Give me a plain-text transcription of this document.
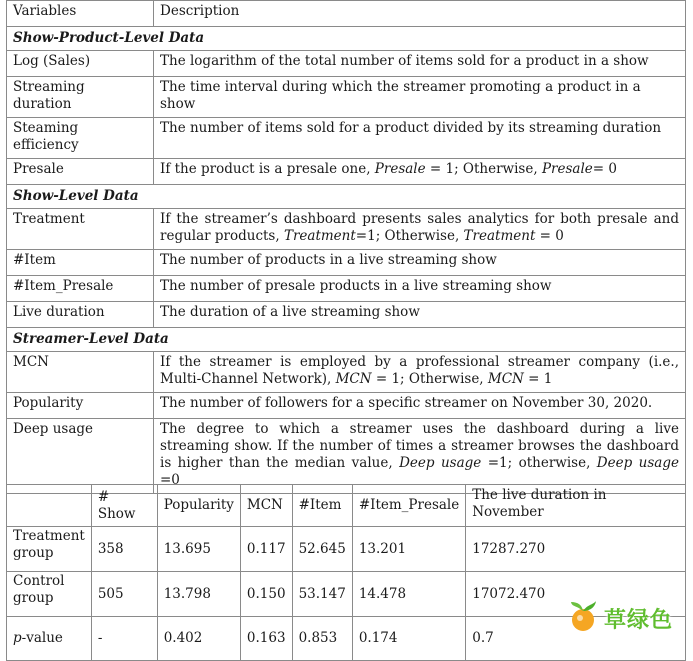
Variables	Description
Show-Product-Level Data	
Log (Sales)	The logarithm of the total number of items sold for a product in a show
Streaming duration	The time interval during which the streamer promoting a product in a show
Steaming efficiency	The number of items sold for a product divided by its streaming duration
Presale	If the product is a presale one, Presale = 1; Otherwise, Presale= 0
Show-Level Data	
Treatment	If the streamer’s dashboard presents sales analytics for both presale and regular products, Treatment=1; Otherwise, Treatment = 0
#Item	The number of products in a live streaming show
#Item_Presale	The number of presale products in a live streaming show
Live duration	The duration of a live streaming show
Streamer-Level Data	
MCN	If the streamer is employed by a professional streamer company (i.e., Multi-Channel Network), MCN = 1; Otherwise, MCN = 1
Popularity	The number of followers for a specific streamer on November 30, 2020.
Deep usage	The degree to which a streamer uses the dashboard during a live streaming show. If the number of times a streamer browses the dashboard is higher than the median value, Deep usage =1; otherwise, Deep usage =0
	# Show	Popularity	MCN	#Item	#Item_Presale	The live duration in November
Treatment group	358	13.695	0.117	52.645	13.201	17287.270
Control group	505	13.798	0.150	53.147	14.478	17072.470
p-value	-	0.402	0.163	0.853	0.174	0.7
草绿色
